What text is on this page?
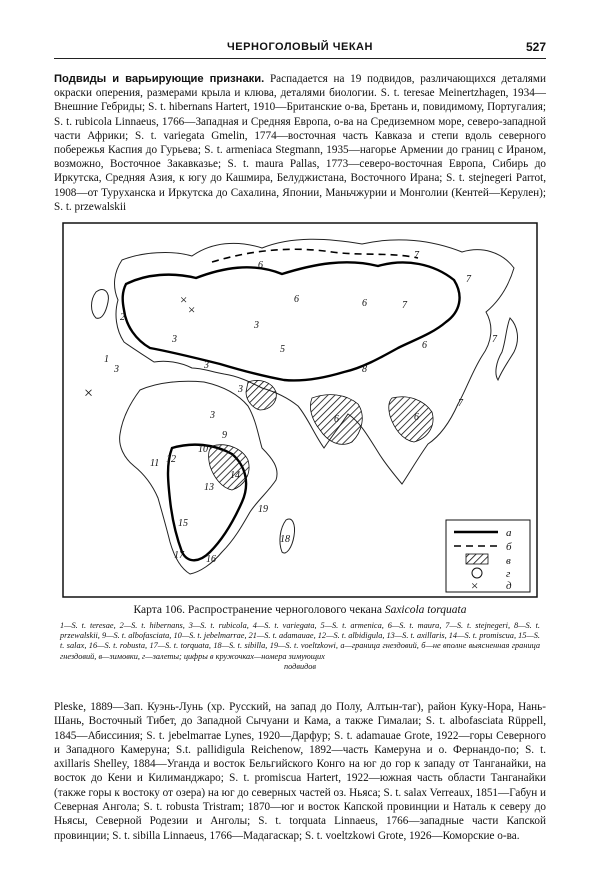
ЧЕРНОГОЛОВЫЙ ЧЕКАН	527

Подвиды и варьирующие признаки. Распадается на 19 подвидов, различающихся деталями окраски оперения, размерами крыла и клюва, деталями биологии. S. t. teresae Meinertzhagen, 1934—Внешние Гебриды; S. t. hibernans Hartert, 1910—Британские о-ва, Бретань и, повидимому, Португалия; S. t. rubicola Linnaeus, 1766—Западная и Средняя Европа, о-ва на Средиземном море, северо-западной части Африки; S. t. variegata Gmelin, 1774—восточная часть Кавказа и степи вдоль северного побережья Каспия до Гурьева; S. t. armeniaca Stegmann, 1935—нагорье Армении до границ с Ираном, возможно, Восточное Закавказье; S. t. maura Pallas, 1773—северо-восточная Европа, Сибирь до Иркутска, Средняя Азия, к югу до Кашмира, Белуджистана, Восточного Ирана; S. t. stejnegeri Parrot, 1908—от Туруханска и Иркутска до Сахалина, Японии, Маньчжурии и Монголии (Кентей—Керулен); S. t. przewalskii

×
×
×
1
2
3
3
3
3
3
3
5
6
6	6
6	6
6
7
7
7
7
7
8
9
10
11 12
13
14
15
16
17
18
19
а
б
в
г
×	д
Карта 106. Распространение черноголового чекана Saxicola torquata
1—S. t. teresae, 2—S. t. hibernans, 3—S. t. rubicola, 4—S. t. variegata, 5—S. t. armenica, 6—S. t. maura, 7—S. t. stejnegeri, 8—S. t. przewalskii, 9—S. t. albofasciata, 10—S. t. jebelmarrae, 21—S. t. adamauae, 12—S. t. albidigula, 13—S. t. axillaris, 14—S. t. promiscua, 15—S. t. salax, 16—S. t. robusta, 17—S. t. torquata, 18—S. t. sibilla, 19—S. t. voeltzkowi, а—граница гнездовий, б—не вполне выясненная граница гнездовий, в—зимовки, г—залеты; цифры в кружочках—номера зимующих
подвидов

Pleske, 1889—Зап. Куэнь-Лунь (хр. Русский, на запад до Полу, Алтын-таг), район Куку-Нора, Нань-Шань, Восточный Тибет, до Западной Сычуани и Кама, а также Гималаи; S. t. albofasciata Rüppell, 1845—Абиссиния; S. t. jebelmarrae Lynes, 1920—Дарфур; S. t. adamauae Grote, 1922—горы Северного и Западного Камеруна; S.t. pallidigula Reichenow, 1892—часть Камеруна и о. Фернандо-пo; S. t. axillaris Shelley, 1884—Уганда и восток Бельгийского Конго на юг до гор к западу от Танганайки, на восток до Кени и Килиманджаро; S. t. promiscua Hartert, 1922—южная часть области Танганайки (также горы к востоку от озера) на юг до северных частей оз. Ньяса; S. t. salax Verreaux, 1851—Габун и Северная Ангола; S. t. robusta Tristram; 1870—юг и восток Капской провинции и Наталь к северу до Ньясы, Северной Родезии и Анголы; S. t. torquata Linnaeus, 1766—западные части Капской провинции; S. t. sibilla Linnaeus, 1766—Мадагаскар; S. t. voeltzkowi Grote, 1926—Коморские о-ва.
